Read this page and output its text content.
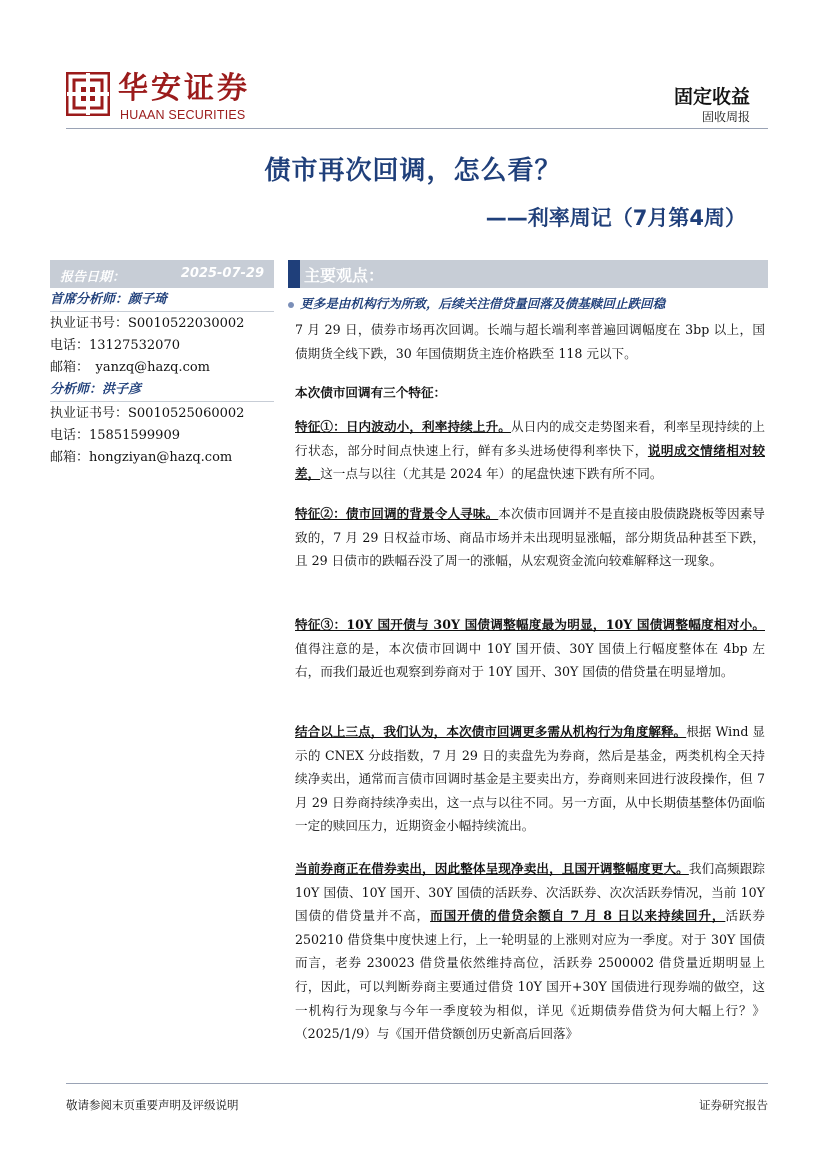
华安证券
HUAAN SECURITIES
固定收益
固收周报
债市再次回调，怎么看？
——利率周记（7月第4周）
报告日期：	2025-07-29
首席分析师：颜子琦
执业证书号：S0010522030002
电话：13127532070
邮箱：　yanzq@hazq.com
分析师：洪子彦
执业证书号：S0010525060002
电话：15851599909
邮箱：hongziyan@hazq.com
主要观点：
更多是由机构行为所致，后续关注借贷量回落及债基赎回止跌回稳

7 月 29 日，债券市场再次回调。长端与超长端利率普遍回调幅度在 3bp 以上，国债期货全线下跌，30 年国债期货主连价格跌至 118 元以下。

本次债市回调有三个特征：

特征①：日内波动小，利率持续上升。从日内的成交走势图来看，利率呈现持续的上行状态，部分时间点快速上行，鲜有多头进场使得利率快下，说明成交情绪相对较差，这一点与以往（尤其是 2024 年）的尾盘快速下跌有所不同。

特征②：债市回调的背景令人寻味。本次债市回调并不是直接由股债跷跷板等因素导致的，7 月 29 日权益市场、商品市场并未出现明显涨幅，部分期货品种甚至下跌，且 29 日债市的跌幅吞没了周一的涨幅，从宏观资金流向较难解释这一现象。

特征③：10Y 国开债与 30Y 国债调整幅度最为明显，10Y 国债调整幅度相对小。值得注意的是，本次债市回调中 10Y 国开债、30Y 国债上行幅度整体在 4bp 左右，而我们最近也观察到券商对于 10Y 国开、30Y 国债的借贷量在明显增加。

结合以上三点，我们认为，本次债市回调更多需从机构行为角度解释。根据 Wind 显示的 CNEX 分歧指数，7 月 29 日的卖盘先为券商，然后是基金，两类机构全天持续净卖出，通常而言债市回调时基金是主要卖出方，券商则来回进行波段操作，但 7 月 29 日券商持续净卖出，这一点与以往不同。另一方面，从中长期债基整体仍面临一定的赎回压力，近期资金小幅持续流出。

当前券商正在借券卖出，因此整体呈现净卖出，且国开调整幅度更大。我们高频跟踪 10Y 国债、10Y 国开、30Y 国债的活跃券、次活跃券、次次活跃券情况，当前 10Y 国债的借贷量并不高，而国开债的借贷余额自 7 月 8 日以来持续回升，活跃券 250210 借贷集中度快速上行，上一轮明显的上涨则对应为一季度。对于 30Y 国债而言，老券 230023 借贷量依然维持高位，活跃券 2500002 借贷量近期明显上行，因此，可以判断券商主要通过借贷 10Y 国开+30Y 国债进行现券端的做空，这一机构行为现象与今年一季度较为相似，详见《近期债券借贷为何大幅上行？》（2025/1/9）与《国开借贷额创历史新高后回落》

敬请参阅末页重要声明及评级说明	证券研究报告
